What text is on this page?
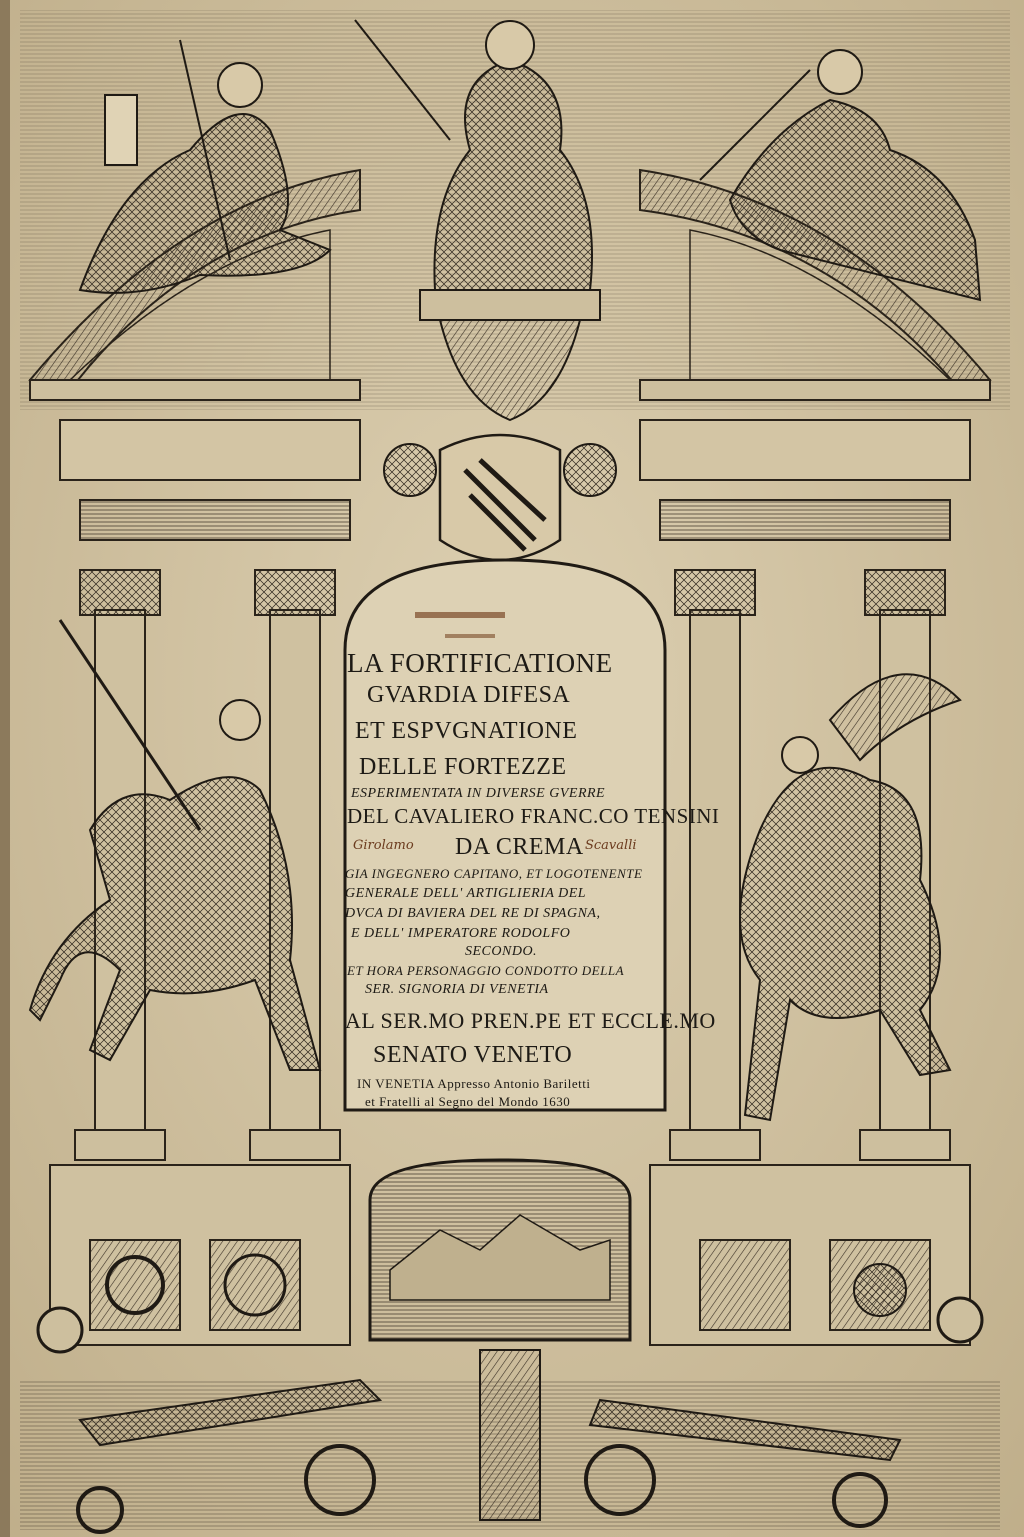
LA FORTIFICATIONE
GVARDIA DIFESA
ET ESPVGNATIONE
DELLE FORTEZZE
ESPERIMENTATA IN DIVERSE GVERRE
DEL CAVALIERO FRANC.CO TENSINI
DA CREMA
Girolamo	Scavalli
GIA INGEGNERO CAPITANO, ET LOGOTENENTE
GENERALE DELL' ARTIGLIERIA DEL
DVCA DI BAVIERA DEL RE DI SPAGNA,
E DELL' IMPERATORE RODOLFO
SECONDO.
ET HORA PERSONAGGIO CONDOTTO DELLA
SER. SIGNORIA DI VENETIA
AL SER.MO PREN.PE ET ECCLE.MO
SENATO VENETO
IN VENETIA Appresso Antonio Bariletti
et Fratelli al Segno del Mondo 1630
